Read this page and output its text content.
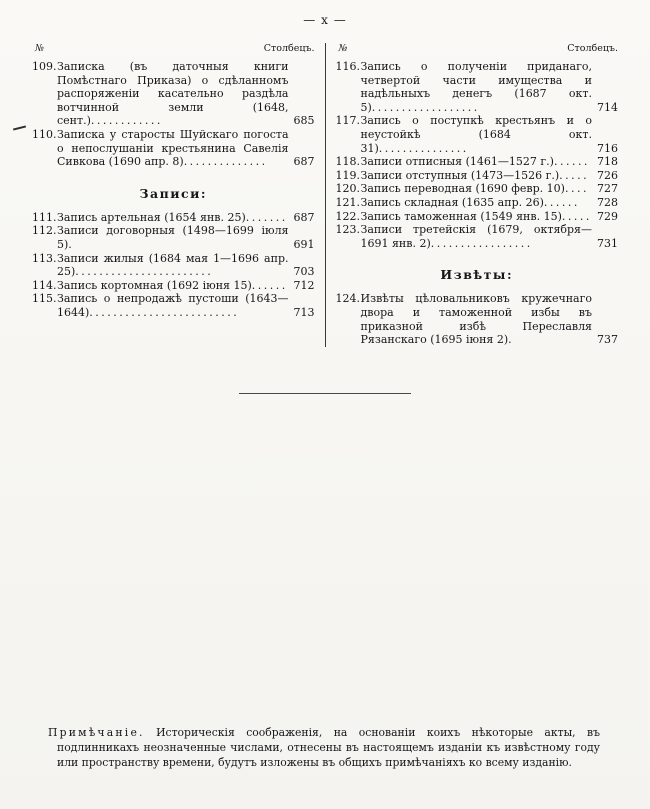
— x —
№	Столбецъ.
109.Записка (въ даточныя книги Помѣстнаго Приказа) о сдѣланномъ распоряженіи касательно раздѣла вотчинной земли (1648, сент.)............	685
110.Записка у старосты Шуйскаго погоста о непослушаніи крестьянина Савелія Сивкова (1690 апр. 8).............. 687
Записи:
111.Запись артельная (1654 янв. 25)....... 687
112.Записи договорныя (1498—1699 іюля 5).	691
113.Записи жилыя (1684 мая 1—1696 апр. 25).......................	703
114.Запись кортомная (1692 іюня 15)...... 712
115.Запись о непродажѣ пустоши (1643—1644).........................	713
№	Столбецъ.
116.Запись о полученіи приданаго, четвертой части имущества и надѣльныхъ денегъ (1687 окт. 5)..................	714
117.Запись о поступкѣ крестьянъ и о неустойкѣ (1684 окт. 31)...............	716
118.Записи отписныя (1461—1527 г.)...... 718
119.Записи отступныя (1473—1526 г.)..... 726
120.Запись переводная (1690 февр. 10).... 727
121.Запись складная (1635 апр. 26)...... 728
122.Запись таможенная (1549 янв. 15)..... 729
123.Записи третейскія (1679, октября—1691 янв. 2).................	731
Извѣты:
124.Извѣты цѣловальниковъ кружечнаго двора и таможенной избы въ приказной избѣ Переславля Рязанскаго (1695 іюня 2).	737
Примѣчаніе. Историческія соображенія, на основаніи коихъ нѣкоторые акты, въ подлинникахъ неозначенные числами, отнесены въ настоящемъ изданіи къ извѣстному году или пространству времени, будутъ изложены въ общихъ примѣчаніяхъ ко всему изданію.
